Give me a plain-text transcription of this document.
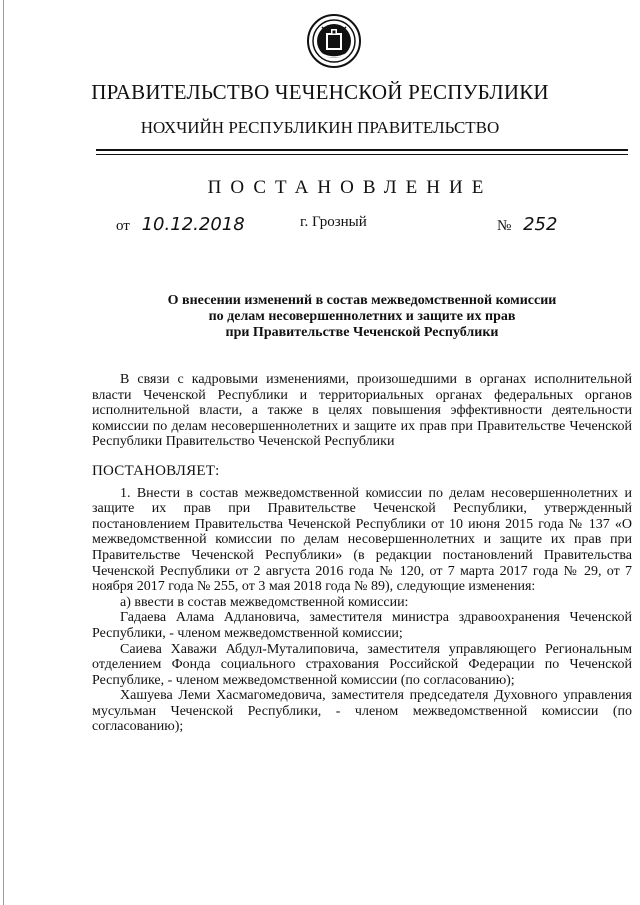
ПРАВИТЕЛЬСТВО ЧЕЧЕНСКОЙ РЕСПУБЛИКИ
НОХЧИЙН РЕСПУБЛИКИН ПРАВИТЕЛЬСТВО
ПОСТАНОВЛЕНИЕ
от 10.12.2018	г. Грозный	№ 252
О внесении изменений в состав межведомственной комиссии
по делам несовершеннолетних и защите их прав
при Правительстве Чеченской Республики

В связи с кадровыми изменениями, произошедшими в органах исполнительной власти Чеченской Республики и территориальных органах федеральных органов исполнительной власти, а также в целях повышения эффективности деятельности комиссии по делам несовершеннолетних и защите их прав при Правительстве Чеченской Республики Правительство Чеченской Республики

ПОСТАНОВЛЯЕТ:

1. Внести в состав межведомственной комиссии по делам несовершеннолетних и защите их прав при Правительстве Чеченской Республики, утвержденный постановлением Правительства Чеченской Республики от 10 июня 2015 года № 137 «О межведомственной комиссии по делам несовершеннолетних и защите их прав при Правительстве Чеченской Республики» (в редакции постановлений Правительства Чеченской Республики от 2 августа 2016 года № 120, от 7 марта 2017 года № 29, от 7 ноября 2017 года № 255, от 3 мая 2018 года № 89), следующие изменения:

а) ввести в состав межведомственной комиссии:

Гадаева Алама Адлановича, заместителя министра здравоохранения Чеченской Республики, - членом межведомственной комиссии;

Саиева Хаважи Абдул-Муталиповича, заместителя управляющего Региональным отделением Фонда социального страхования Российской Федерации по Чеченской Республике, - членом межведомственной комиссии (по согласованию);

Хашуева Леми Хасмагомедовича, заместителя председателя Духовного управления мусульман Чеченской Республики, - членом межведомственной комиссии (по согласованию);
